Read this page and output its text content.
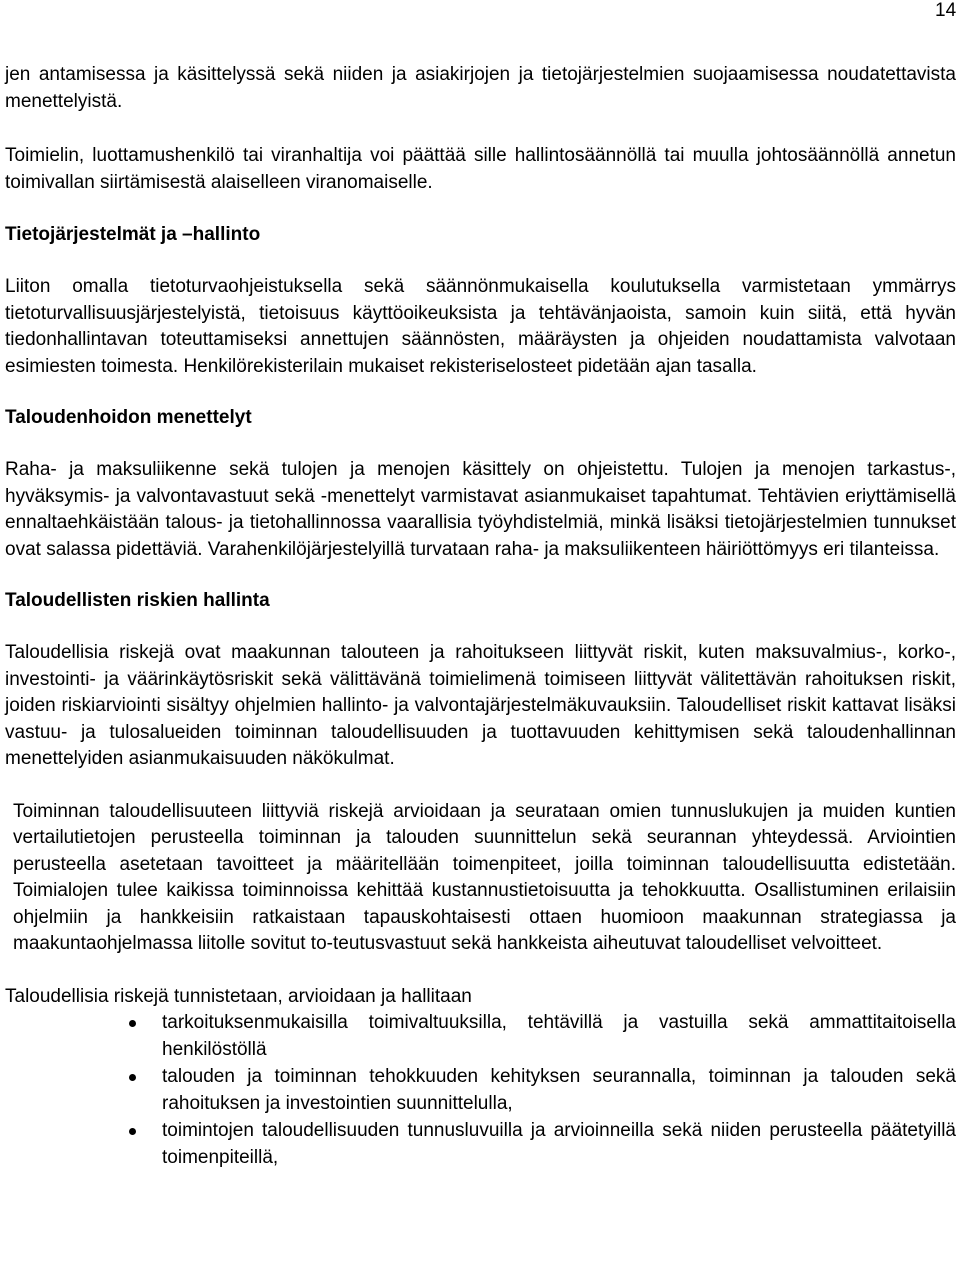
14

jen antamisessa ja käsittelyssä sekä niiden ja asiakirjojen ja tietojärjestelmien suojaamisessa noudatettavista menettelyistä.

Toimielin, luottamushenkilö tai viranhaltija voi päättää sille hallintosäännöllä tai muulla johtosäännöllä annetun toimivallan siirtämisestä alaiselleen viranomaiselle.

Tietojärjestelmät ja –hallinto

Liiton omalla tietoturvaohjeistuksella sekä säännönmukaisella koulutuksella varmistetaan ymmärrys tietoturvallisuusjärjestelyistä, tietoisuus käyttöoikeuksista ja tehtävänjaoista, samoin kuin siitä, että hyvän tiedonhallintavan toteuttamiseksi annettujen säännösten, määräysten ja ohjeiden noudattamista valvotaan esimiesten toimesta. Henkilörekisterilain mukaiset rekisteriselosteet pidetään ajan tasalla.

Taloudenhoidon menettelyt

Raha- ja maksuliikenne sekä tulojen ja menojen käsittely on ohjeistettu. Tulojen ja menojen tarkastus-, hyväksymis- ja valvontavastuut sekä -menettelyt varmistavat asianmukaiset tapahtumat. Tehtävien eriyttämisellä ennaltaehkäistään talous- ja tietohallinnossa vaarallisia työyhdistelmiä, minkä lisäksi tietojärjestelmien tunnukset ovat salassa pidettäviä. Varahenkilöjärjestelyillä turvataan raha- ja maksuliikenteen häiriöttömyys eri tilanteissa.

Taloudellisten riskien hallinta

Taloudellisia riskejä ovat maakunnan talouteen ja rahoitukseen liittyvät riskit, kuten maksuvalmius-, korko-, investointi- ja väärinkäytösriskit sekä välittävänä toimielimenä toimiseen liittyvät välitettävän rahoituksen riskit, joiden riskiarviointi sisältyy ohjelmien hallinto- ja valvontajärjestelmäkuvauksiin. Taloudelliset riskit kattavat lisäksi vastuu- ja tulosalueiden toiminnan taloudellisuuden ja tuottavuuden kehittymisen sekä taloudenhallinnan menettelyiden asianmukaisuuden näkökulmat.

Toiminnan taloudellisuuteen liittyviä riskejä arvioidaan ja seurataan omien tunnuslukujen ja muiden kuntien vertailutietojen perusteella toiminnan ja talouden suunnittelun sekä seurannan yhteydessä. Arviointien perusteella asetetaan tavoitteet ja määritellään toimenpiteet, joilla toiminnan taloudellisuutta edistetään. Toimialojen tulee kaikissa toiminnoissa kehittää kustannustietoisuutta ja tehokkuutta. Osallistuminen erilaisiin ohjelmiin ja hankkeisiin ratkaistaan tapauskohtaisesti ottaen huomioon maakunnan strategiassa ja maakuntaohjelmassa liitolle sovitut to-teutusvastuut sekä hankkeista aiheutuvat taloudelliset velvoitteet.

Taloudellisia riskejä tunnistetaan, arvioidaan ja hallitaan

tarkoituksenmukaisilla toimivaltuuksilla, tehtävillä ja vastuilla sekä ammattitaitoisella henkilöstöllä
talouden ja toiminnan tehokkuuden kehityksen seurannalla, toiminnan ja talouden sekä rahoituksen ja investointien suunnittelulla,
toimintojen taloudellisuuden tunnusluvuilla ja arvioinneilla sekä niiden perusteella päätetyillä toimenpiteillä,
